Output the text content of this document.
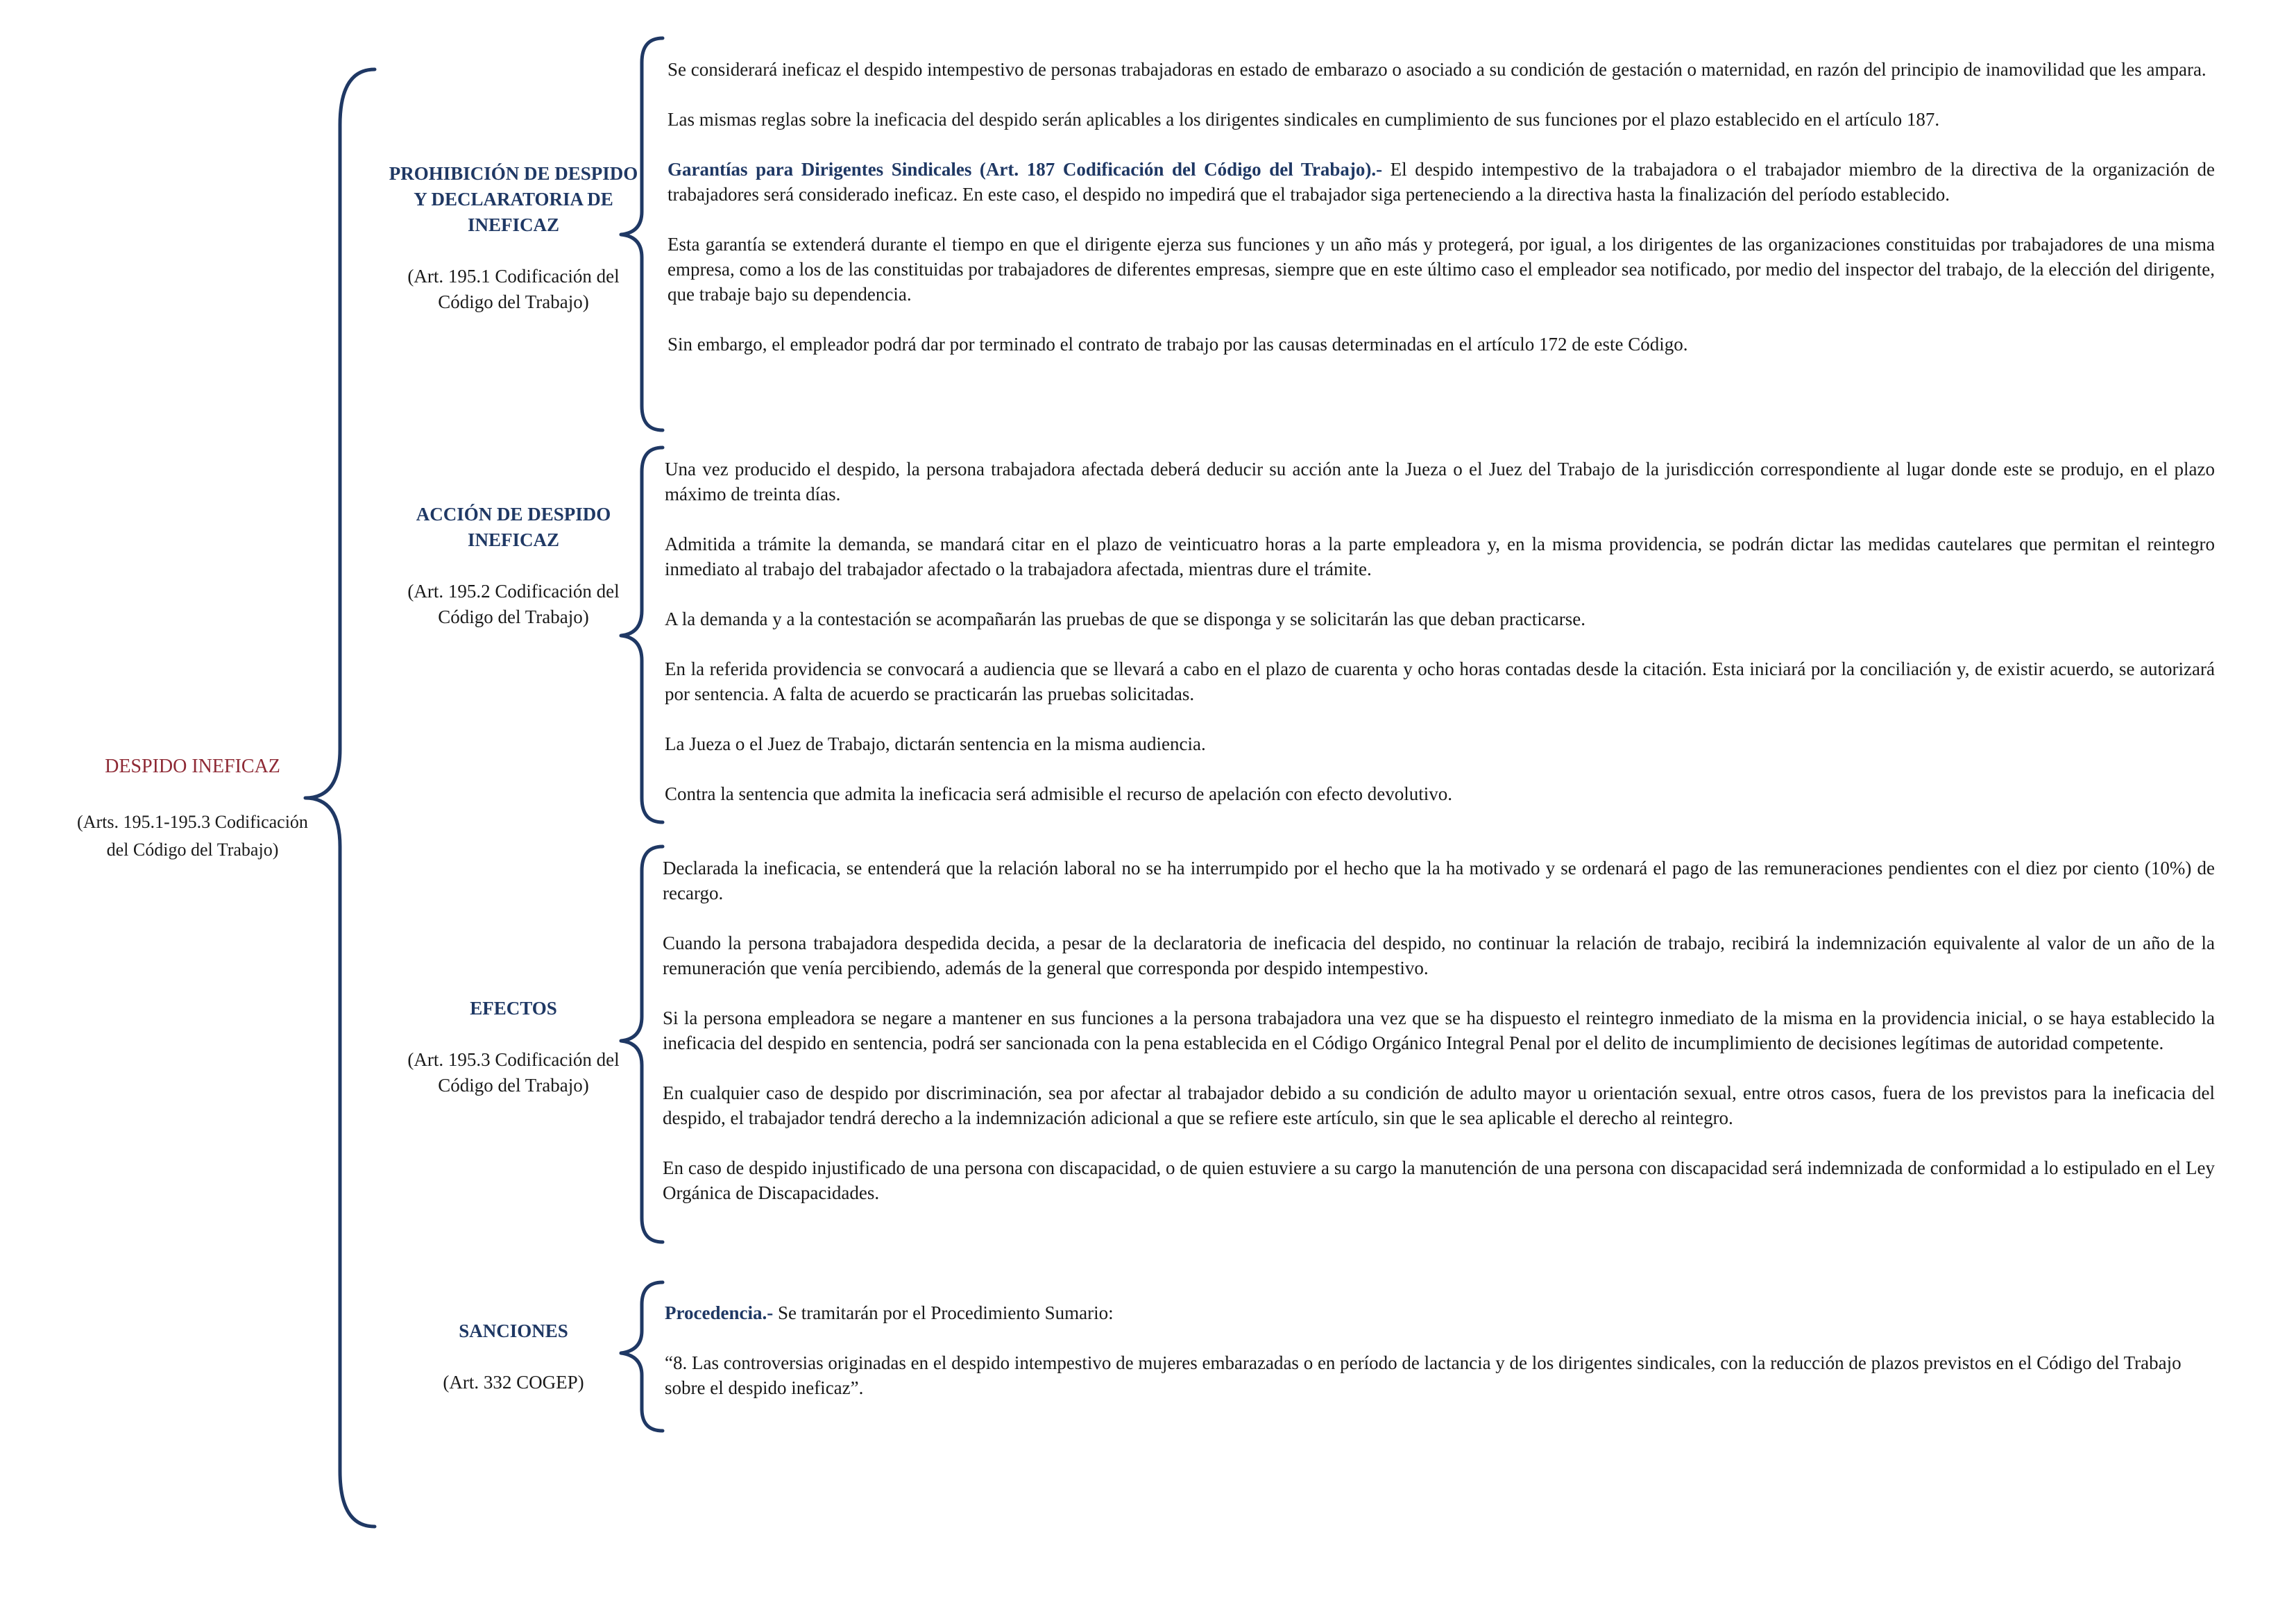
DESPIDO INEFICAZ
(Arts. 195.1-195.3 Codificación del Código del Trabajo)
PROHIBICIÓN DE DESPIDO Y DECLARATORIA DE INEFICAZ
(Art. 195.1 Codificación del Código del Trabajo)

Se considerará ineficaz el despido intempestivo de personas trabajadoras en estado de embarazo o asociado a su condición de gestación o maternidad, en razón del principio de inamovilidad que les ampara.

Las mismas reglas sobre la ineficacia del despido serán aplicables a los dirigentes sindicales en cumplimiento de sus funciones por el plazo establecido en el artículo 187.

Garantías para Dirigentes Sindicales (Art. 187 Codificación del Código del Trabajo).- El despido intempestivo de la trabajadora o el trabajador miembro de la directiva de la organización de trabajadores será considerado ineficaz. En este caso, el despido no impedirá que el trabajador siga perteneciendo a la directiva hasta la finalización del período establecido.

Esta garantía se extenderá durante el tiempo en que el dirigente ejerza sus funciones y un año más y protegerá, por igual, a los dirigentes de las organizaciones constituidas por trabajadores de una misma empresa, como a los de las constituidas por trabajadores de diferentes empresas, siempre que en este último caso el empleador sea notificado, por medio del inspector del trabajo, de la elección del dirigente, que trabaje bajo su dependencia.

Sin embargo, el empleador podrá dar por terminado el contrato de trabajo por las causas determinadas en el artículo 172 de este Código.

ACCIÓN DE DESPIDO INEFICAZ
(Art. 195.2 Codificación del Código del Trabajo)

Una vez producido el despido, la persona trabajadora afectada deberá deducir su acción ante la Jueza o el Juez del Trabajo de la jurisdicción correspondiente al lugar donde este se produjo, en el plazo máximo de treinta días.

Admitida a trámite la demanda, se mandará citar en el plazo de veinticuatro horas a la parte empleadora y, en la misma providencia, se podrán dictar las medidas cautelares que permitan el reintegro inmediato al trabajo del trabajador afectado o la trabajadora afectada, mientras dure el trámite.

A la demanda y a la contestación se acompañarán las pruebas de que se disponga y se solicitarán las que deban practicarse.

En la referida providencia se convocará a audiencia que se llevará a cabo en el plazo de cuarenta y ocho horas contadas desde la citación. Esta iniciará por la conciliación y, de existir acuerdo, se autorizará por sentencia. A falta de acuerdo se practicarán las pruebas solicitadas.

La Jueza o el Juez de Trabajo, dictarán sentencia en la misma audiencia.

Contra la sentencia que admita la ineficacia será admisible el recurso de apelación con efecto devolutivo.

EFECTOS
(Art. 195.3 Codificación del Código del Trabajo)

Declarada la ineficacia, se entenderá que la relación laboral no se ha interrumpido por el hecho que la ha motivado y se ordenará el pago de las remuneraciones pendientes con el diez por ciento (10%) de recargo.

Cuando la persona trabajadora despedida decida, a pesar de la declaratoria de ineficacia del despido, no continuar la relación de trabajo, recibirá la indemnización equivalente al valor de un año de la remuneración que venía percibiendo, además de la general que corresponda por despido intempestivo.

Si la persona empleadora se negare a mantener en sus funciones a la persona trabajadora una vez que se ha dispuesto el reintegro inmediato de la misma en la providencia inicial, o se haya establecido la ineficacia del despido en sentencia, podrá ser sancionada con la pena establecida en el Código Orgánico Integral Penal por el delito de incumplimiento de decisiones legítimas de autoridad competente.

En cualquier caso de despido por discriminación, sea por afectar al trabajador debido a su condición de adulto mayor u orientación sexual, entre otros casos, fuera de los previstos para la ineficacia del despido, el trabajador tendrá derecho a la indemnización adicional a que se refiere este artículo, sin que le sea aplicable el derecho al reintegro.

En caso de despido injustificado de una persona con discapacidad, o de quien estuviere a su cargo la manutención de una persona con discapacidad será indemnizada de conformidad a lo estipulado en el Ley Orgánica de Discapacidades.

SANCIONES
(Art. 332 COGEP)

Procedencia.- Se tramitarán por el Procedimiento Sumario:

“8. Las controversias originadas en el despido intempestivo de mujeres embarazadas o en período de lactancia y de los dirigentes sindicales, con la reducción de plazos previstos en el Código del Trabajo sobre el despido ineficaz”.
